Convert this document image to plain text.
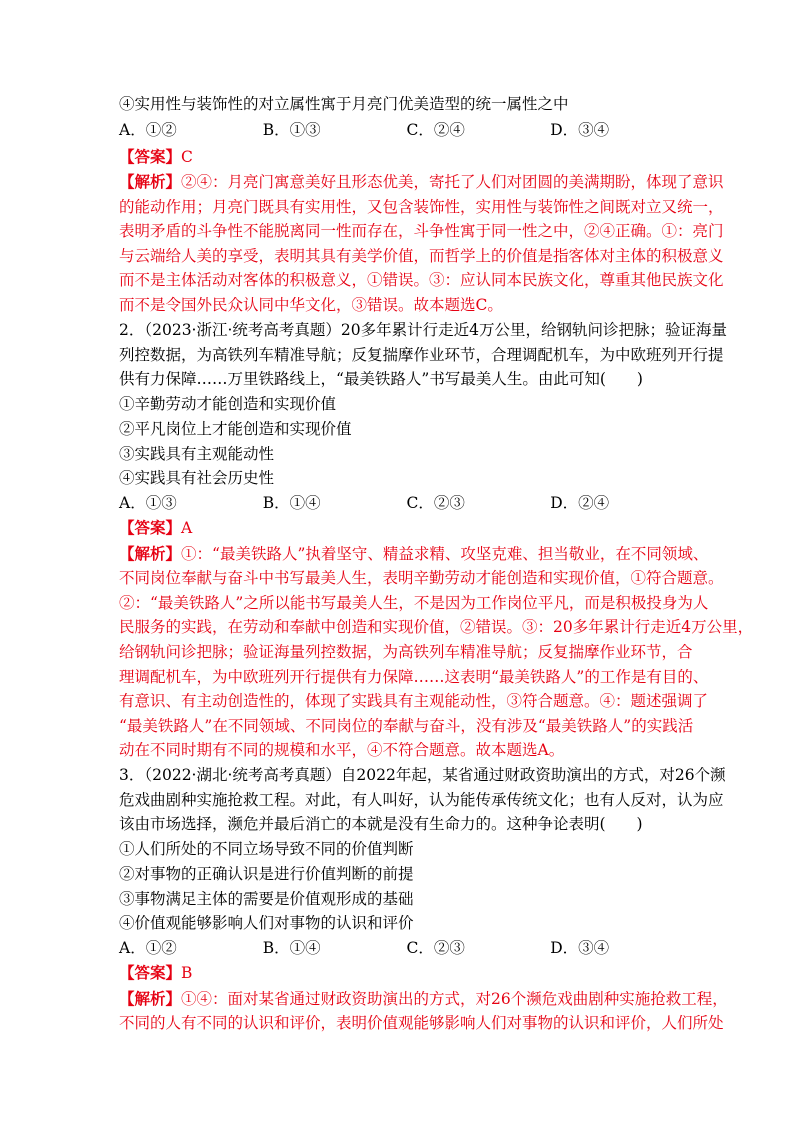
④实用性与装饰性的对立属性寓于月亮门优美造型的统一属性之中
A．①②	B．①③	C．②④	D．③④
【答案】C
【解析】②④：月亮门寓意美好且形态优美，寄托了人们对团圆的美满期盼，体现了意识
的能动作用；月亮门既具有实用性，又包含装饰性，实用性与装饰性之间既对立又统一，
表明矛盾的斗争性不能脱离同一性而存在，斗争性寓于同一性之中，②④正确。①：亮门
与云端给人美的享受，表明其具有美学价值，而哲学上的价值是指客体对主体的积极意义
而不是主体活动对客体的积极意义，①错误。③：应认同本民族文化，尊重其他民族文化
而不是令国外民众认同中华文化，③错误。故本题选C。
2．（2023·浙江·统考高考真题）20多年累计行走近4万公里，给钢轨问诊把脉；验证海量
列控数据，为高铁列车精准导航；反复揣摩作业环节，合理调配机车，为中欧班列开行提
供有力保障……万里铁路线上，“最美铁路人”书写最美人生。由此可知(　　)
①辛勤劳动才能创造和实现价值
②平凡岗位上才能创造和实现价值
③实践具有主观能动性
④实践具有社会历史性
A．①③	B．①④	C．②③	D．②④
【答案】A
【解析】①：“最美铁路人”执着坚守、精益求精、攻坚克难、担当敬业，在不同领域、
不同岗位奉献与奋斗中书写最美人生，表明辛勤劳动才能创造和实现价值，①符合题意。
②：“最美铁路人”之所以能书写最美人生，不是因为工作岗位平凡，而是积极投身为人
民服务的实践，在劳动和奉献中创造和实现价值，②错误。③：20多年累计行走近4万公里，
给钢轨问诊把脉；验证海量列控数据，为高铁列车精准导航；反复揣摩作业环节，合
理调配机车，为中欧班列开行提供有力保障……这表明“最美铁路人”的工作是有目的、
有意识、有主动创造性的，体现了实践具有主观能动性，③符合题意。④：题述强调了
“最美铁路人”在不同领域、不同岗位的奉献与奋斗，没有涉及“最美铁路人”的实践活
动在不同时期有不同的规模和水平，④不符合题意。故本题选A。
3．（2022·湖北·统考高考真题）自2022年起，某省通过财政资助演出的方式，对26个濒
危戏曲剧种实施抢救工程。对此，有人叫好，认为能传承传统文化；也有人反对，认为应
该由市场选择，濒危并最后消亡的本就是没有生命力的。这种争论表明(　　)
①人们所处的不同立场导致不同的价值判断
②对事物的正确认识是进行价值判断的前提
③事物满足主体的需要是价值观形成的基础
④价值观能够影响人们对事物的认识和评价
A．①②	B．①④	C．②③	D．③④
【答案】B
【解析】①④：面对某省通过财政资助演出的方式，对26个濒危戏曲剧种实施抢救工程，
不同的人有不同的认识和评价，表明价值观能够影响人们对事物的认识和评价，人们所处
